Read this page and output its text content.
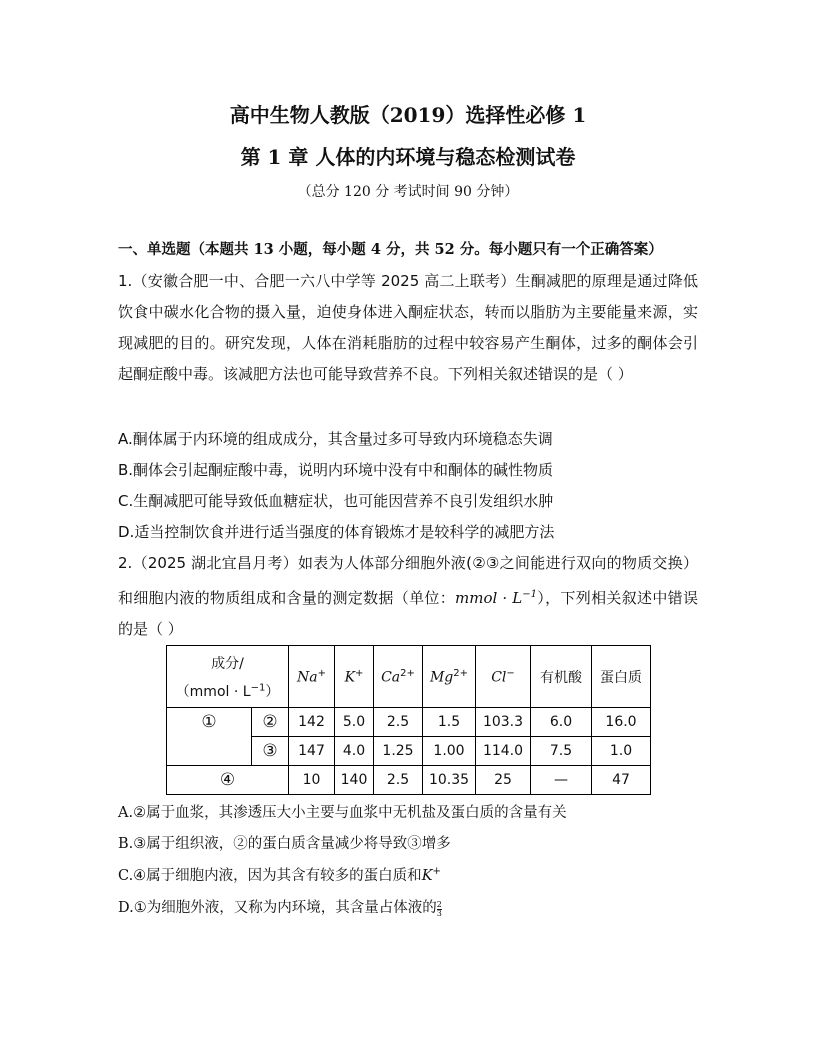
高中生物人教版（2019）选择性必修 1
第 1 章 人体的内环境与稳态检测试卷
（总分 120 分 考试时间 90 分钟）
一、单选题（本题共 13 小题，每小题 4 分，共 52 分。每小题只有一个正确答案）
1.（安徽合肥一中、合肥一六八中学等 2025 高二上联考）生酮减肥的原理是通过降低饮食中碳水化合物的摄入量，迫使身体进入酮症状态，转而以脂肪为主要能量来源，实现减肥的目的。研究发现，人体在消耗脂肪的过程中较容易产生酮体，过多的酮体会引起酮症酸中毒。该减肥方法也可能导致营养不良。下列相关叙述错误的是（ ）
A.酮体属于内环境的组成成分，其含量过多可导致内环境稳态失调
B.酮体会引起酮症酸中毒，说明内环境中没有中和酮体的碱性物质
C.生酮减肥可能导致低血糖症状，也可能因营养不良引发组织水肿
D.适当控制饮食并进行适当强度的体育锻炼才是较科学的减肥方法
2.（2025 湖北宜昌月考）如表为人体部分细胞外液(②③之间能进行双向的物质交换）和细胞内液的物质组成和含量的测定数据（单位：mmol · $L^{-1}$），下列相关叙述中错误的是（ ）
成分/
（mmol · $L^{-1}$）		Na+	K+	$Ca^{2+}$	$Mg^{2+}$	Cl−	有机酸	蛋白质
①	②	142	5.0	2.5	1.5	103.3	6.0	16.0
	③	147	4.0	1.25	1.00	114.0	7.5	1.0
④		10	140	2.5	10.35	25	—	47
A.②属于血浆，其渗透压大小主要与血浆中无机盐及蛋白质的含量有关
B.③属于组织液，②的蛋白质含量减少将导致③增多
C.④属于细胞内液，因为其含有较多的蛋白质和K+
D.①为细胞外液，又称为内环境，其含量占体液的 $\frac{2}{3}$
